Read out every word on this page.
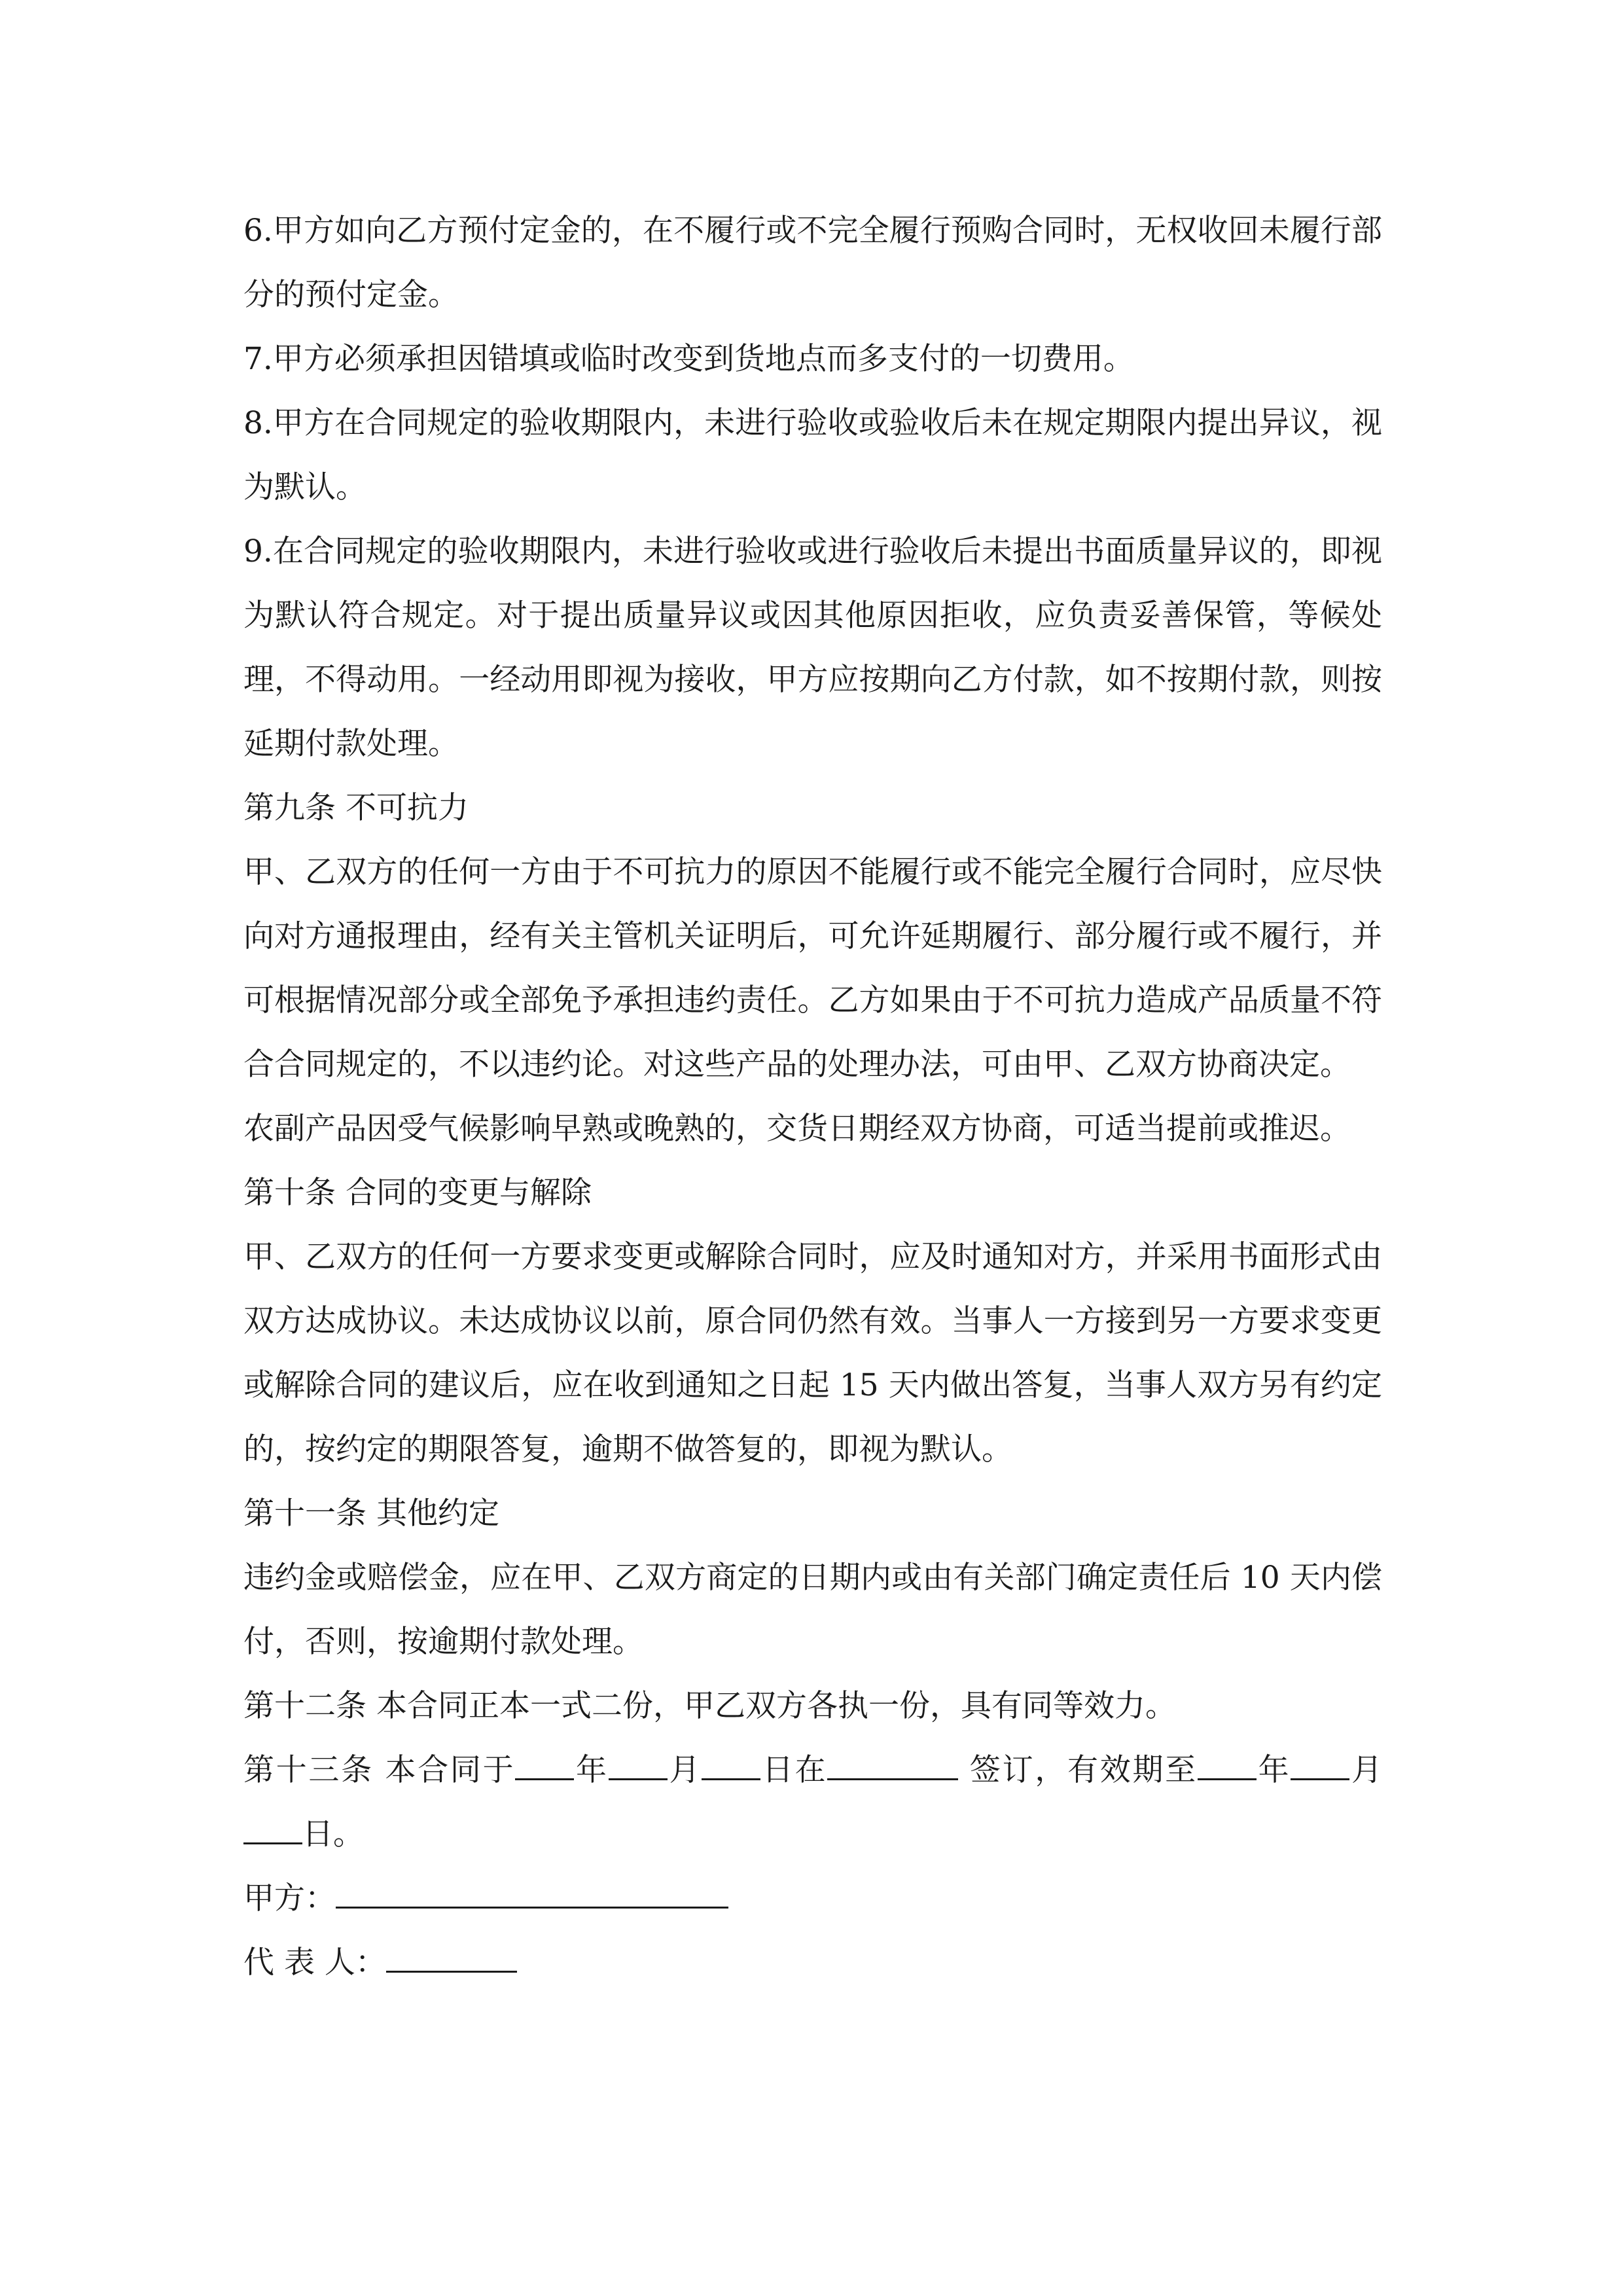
6.甲方如向乙方预付定金的，在不履行或不完全履行预购合同时，无权收回未履行部分的预付定金。

7.甲方必须承担因错填或临时改变到货地点而多支付的一切费用。

8.甲方在合同规定的验收期限内，未进行验收或验收后未在规定期限内提出异议，视为默认。

9.在合同规定的验收期限内，未进行验收或进行验收后未提出书面质量异议的，即视为默认符合规定。对于提出质量异议或因其他原因拒收，应负责妥善保管，等候处理，不得动用。一经动用即视为接收，甲方应按期向乙方付款，如不按期付款，则按延期付款处理。

第九条 不可抗力

甲、乙双方的任何一方由于不可抗力的原因不能履行或不能完全履行合同时，应尽快向对方通报理由，经有关主管机关证明后，可允许延期履行、部分履行或不履行，并可根据情况部分或全部免予承担违约责任。乙方如果由于不可抗力造成产品质量不符合合同规定的，不以违约论。对这些产品的处理办法，可由甲、乙双方协商决定。

农副产品因受气候影响早熟或晚熟的，交货日期经双方协商，可适当提前或推迟。

第十条 合同的变更与解除

甲、乙双方的任何一方要求变更或解除合同时，应及时通知对方，并采用书面形式由双方达成协议。未达成协议以前，原合同仍然有效。当事人一方接到另一方要求变更或解除合同的建议后，应在收到通知之日起 15 天内做出答复，当事人双方另有约定的，按约定的期限答复，逾期不做答复的，即视为默认。

第十一条 其他约定

违约金或赔偿金，应在甲、乙双方商定的日期内或由有关部门确定责任后 10 天内偿付，否则，按逾期付款处理。

第十二条 本合同正本一式二份，甲乙双方各执一份，具有同等效力。

第十三条 本合同于 年 月 日在	签订，有效期至 年 月日。

甲方：

代 表 人：
